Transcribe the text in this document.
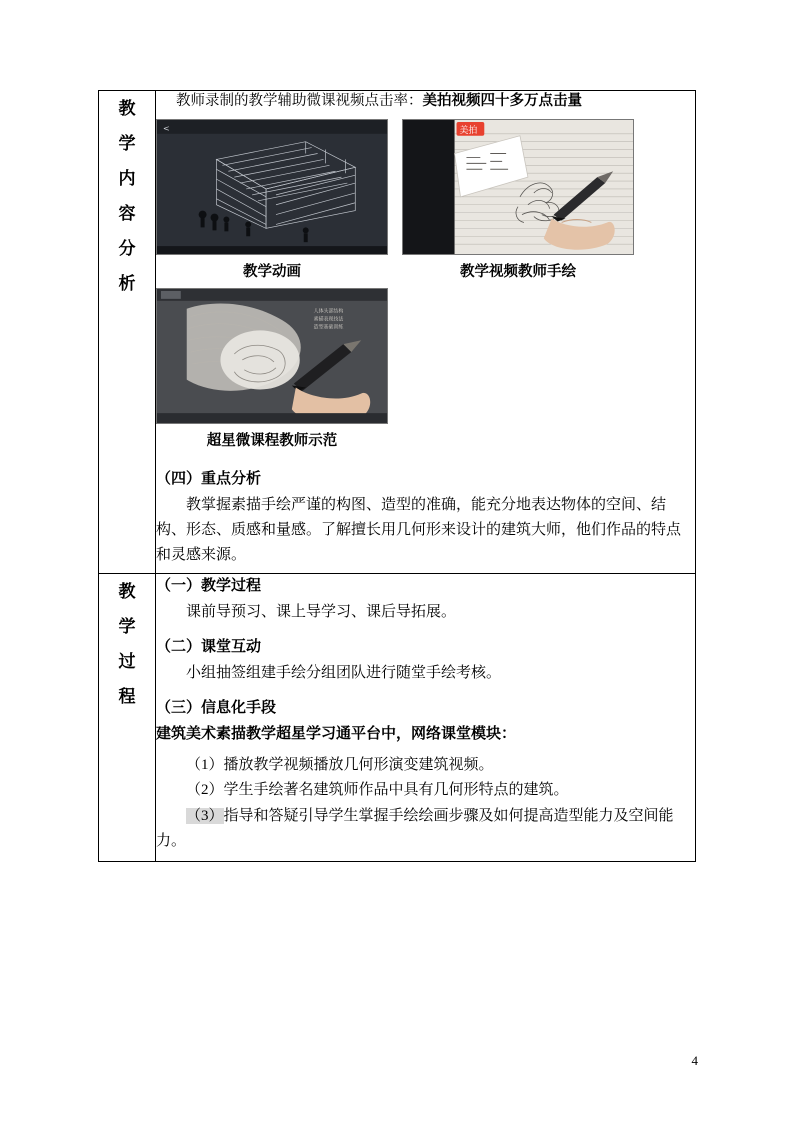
教
学
内
容
分
析

教师录制的教学辅助微课视频点击率：美拍视频四十多万点击量
<
教学动画
美拍
教学视频教师手绘
人体头部结构
素描表现技法
造型基础训练
超星微课程教师示范
（四）重点分析

教掌握素描手绘严谨的构图、造型的准确，能充分地表达物体的空间、结构、形态、质感和量感。了解擅长用几何形来设计的建筑大师，他们作品的特点和灵感来源。

教
学
过
程

（一）教学过程

课前导预习、课上导学习、课后导拓展。

（二）课堂互动

小组抽签组建手绘分组团队进行随堂手绘考核。

（三）信息化手段

建筑美术素描教学超星学习通平台中，网络课堂模块：

（1）播放教学视频播放几何形演变建筑视频。

（2）学生手绘著名建筑师作品中具有几何形特点的建筑。

（3）指导和答疑引导学生掌握手绘绘画步骤及如何提高造型能力及空间能力。

4
